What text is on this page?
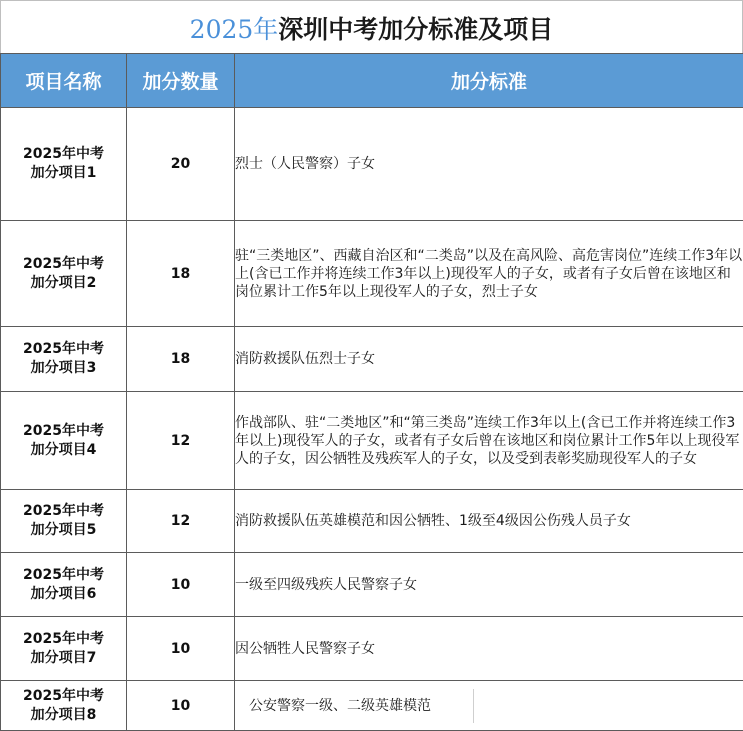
2025年 深圳中考加分标准及项目
项目名称	加分数量	加分标准

2025年中考
加分项目1	20	烈士（人民警察）子女

2025年中考
加分项目2	18	驻“三类地区”、西藏自治区和“二类岛”以及在高风险、高危害岗位”连续工作3年以上(含已工作并将连续工作3年以上)现役军人的子女，或者有子女后曾在该地区和岗位累计工作5年以上现役军人的子女，烈士子女

2025年中考
加分项目3	18	消防救援队伍烈士子女

2025年中考
加分项目4	12	作战部队、驻“二类地区”和“第三类岛”连续工作3年以上(含已工作并将连续工作3年以上)现役军人的子女，或者有子女后曾在该地区和岗位累计工作5年以上现役军人的子女，因公牺牲及残疾军人的子女，以及受到表彰奖励现役军人的子女

2025年中考
加分项目5	12	消防救援队伍英雄模范和因公牺牲、1级至4级因公伤残人员子女

2025年中考
加分项目6	10	一级至四级残疾人民警察子女

2025年中考
加分项目7	10	因公牺牲人民警察子女

2025年中考
加分项目8	10	公安警察一级、二级英雄模范
